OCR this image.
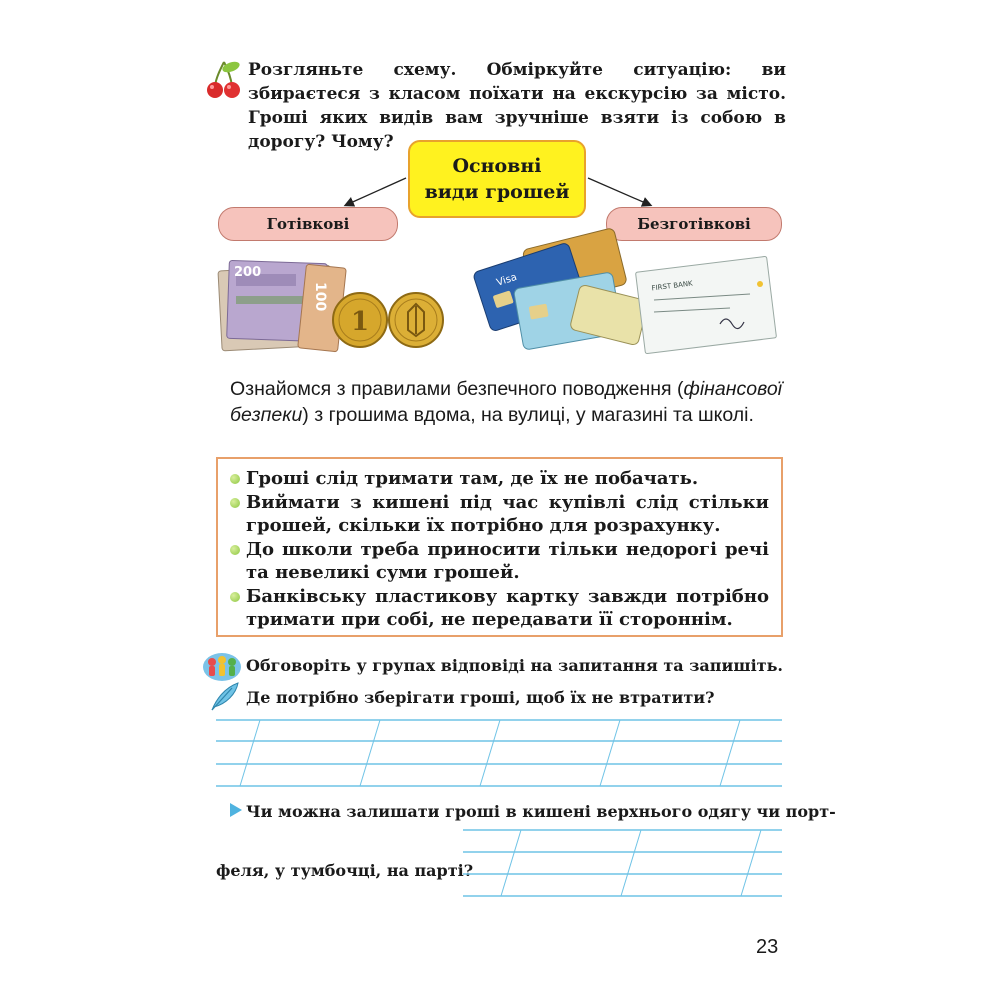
Розгляньте схему. Обміркуйте ситуацію: ви збираєтеся з класом поїхати на екскурсію за місто. Гроші яких видів вам зручніше взяти із собою в дорогу? Чому?
Основні
види грошей
Готівкові	Безготівкові
200
100
1
Visa	FIRST BANK
Ознайомся з правилами безпечного поводження (фінансової безпеки) з грошима вдома, на вулиці, у магазині та школі.
Гроші слід тримати там, де їх не побачать.
Виймати з кишені під час купівлі слід стільки грошей, скільки їх потрібно для розрахунку.
До школи треба приносити тільки недорогі речі та невеликі суми грошей.
Банківську пластикову картку завжди потрібно тримати при собі, не передавати її стороннім.
Обговоріть у групах відповіді на запитання та запишіть.
Де потрібно зберігати гроші, щоб їх не втратити?
Чи можна залишати гроші в кишені верхнього одягу чи порт-
феля, у тумбочці, на парті?
23
